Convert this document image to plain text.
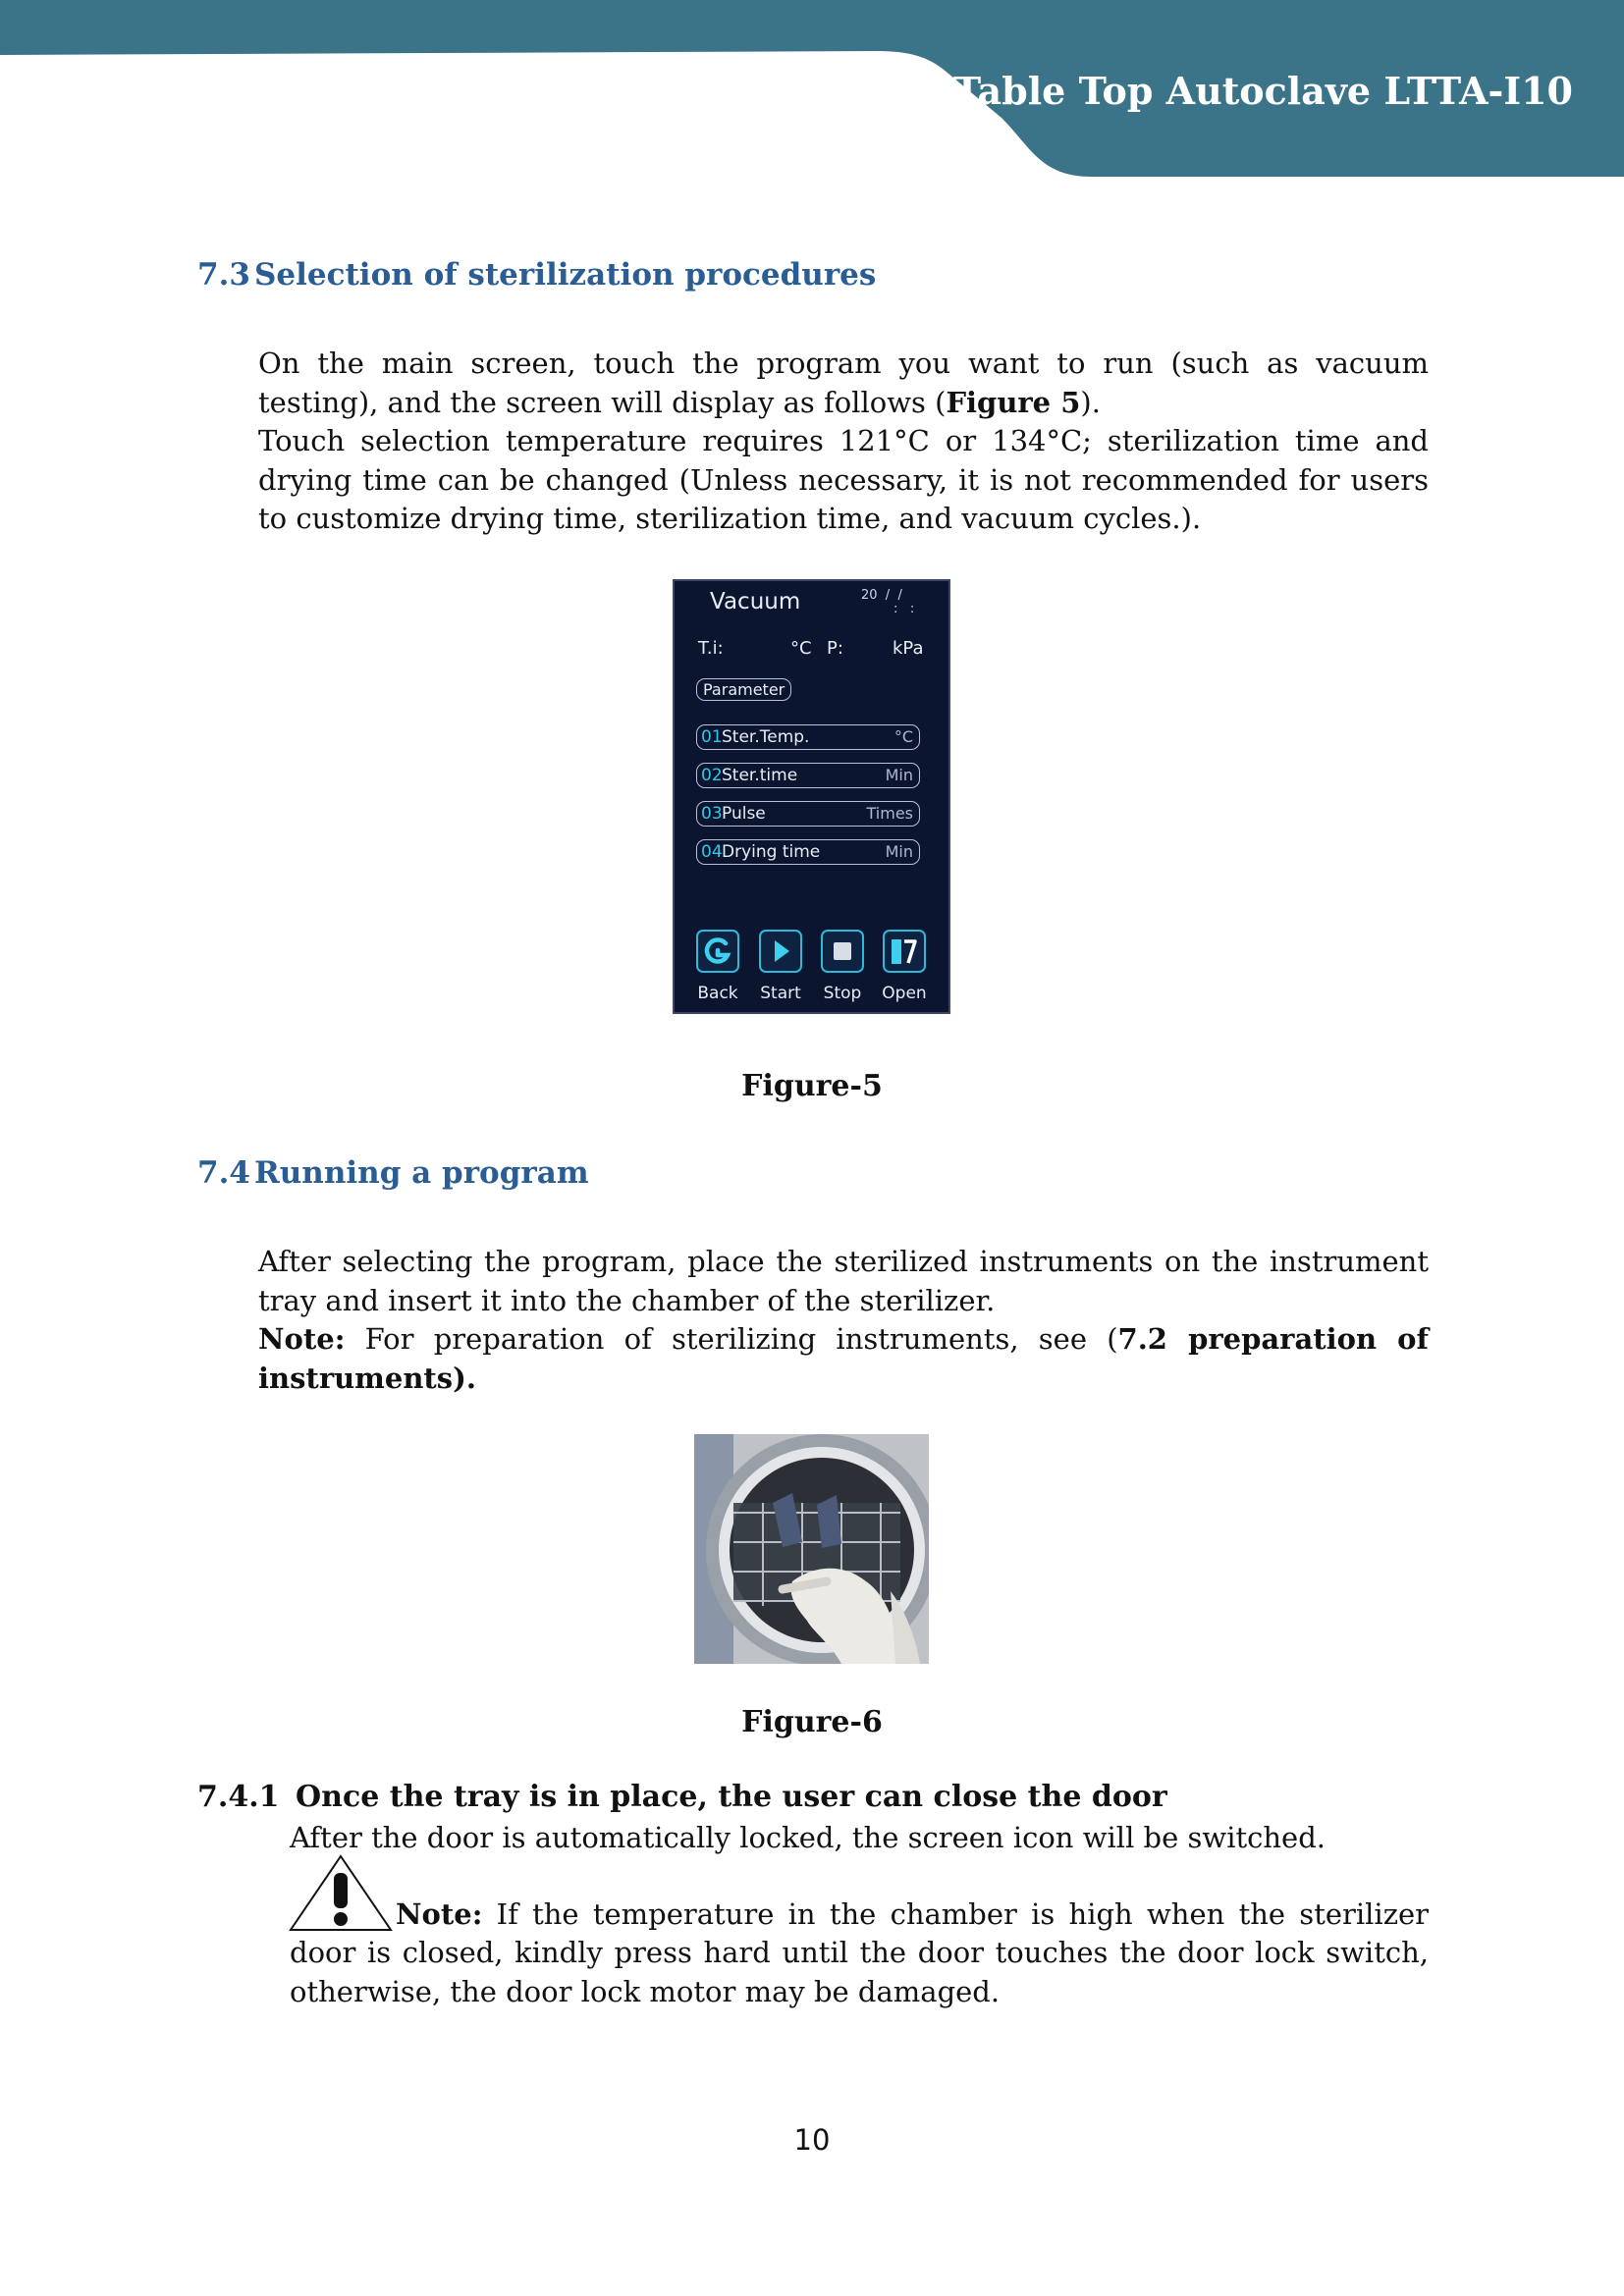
Table Top Autoclave LTTA-I10
7.3 Selection of sterilization procedures

On the main screen, touch the program you want to run (such as vacuum testing), and the screen will display as follows (Figure 5).

Touch selection temperature requires 121°C or 134°C; sterilization time and drying time can be changed (Unless necessary, it is not recommended for users to customize drying time, sterilization time, and vacuum cycles.).

Vacuum	20  /  /
:   :
T.i:	°C P:	kPa
Parameter
01 Ster.Temp.	°C
02 Ster.time	Min
03 Pulse	Times
04 Drying time	Min
Back	Start	Stop	Open
Figure-5
7.4 Running a program

After selecting the program, place the sterilized instruments on the instrument tray and insert it into the chamber of the sterilizer.

Note: For preparation of sterilizing instruments, see (7.2 preparation of instruments).

Figure-6
7.4.1 Once the tray is in place, the user can close the door

After the door is automatically locked, the screen icon will be switched.

Note: If the temperature in the chamber is high when the sterilizer door is closed, kindly press hard until the door touches the door lock switch, otherwise, the door lock motor may be damaged.

10
